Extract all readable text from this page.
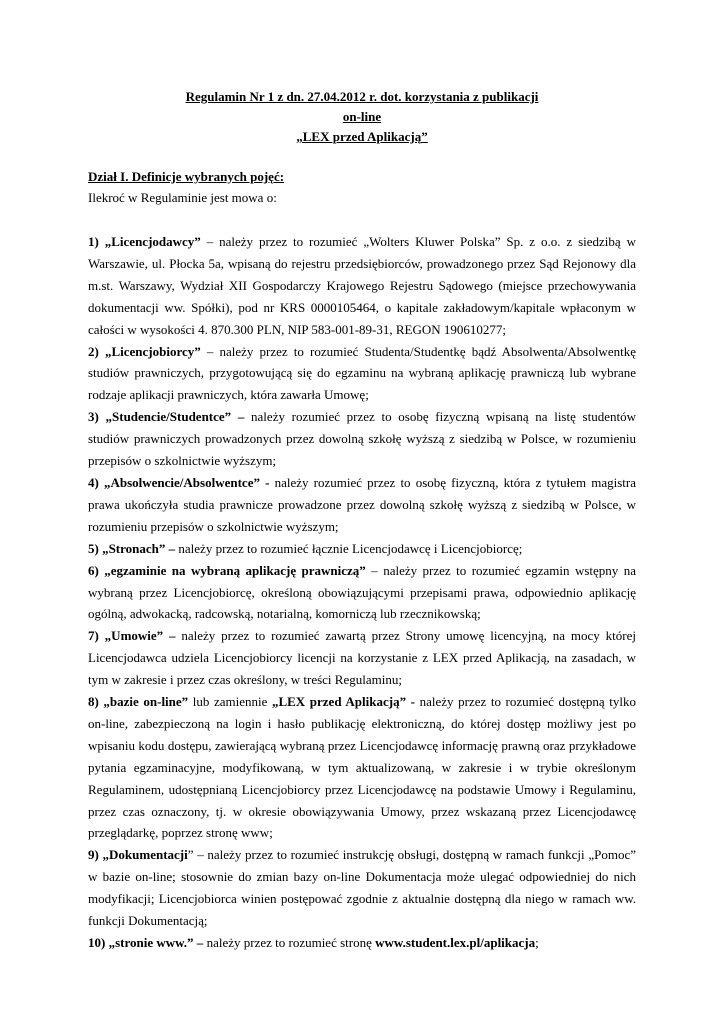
Regulamin Nr 1 z dn. 27.04.2012 r. dot. korzystania z publikacji
on-line
„LEX przed Aplikacją”
Dział I. Definicje wybranych pojęć:
Ilekroć w Regulaminie jest mowa o:

1) „Licencjodawcy” – należy przez to rozumieć „Wolters Kluwer Polska” Sp. z o.o. z siedzibą w Warszawie, ul. Płocka 5a, wpisaną do rejestru przedsiębiorców, prowadzonego przez Sąd Rejonowy dla m.st. Warszawy, Wydział XII Gospodarczy Krajowego Rejestru Sądowego (miejsce przechowywania dokumentacji ww. Spółki), pod nr KRS 0000105464, o kapitale zakładowym/kapitale wpłaconym w całości w wysokości 4. 870.300 PLN, NIP 583-001-89-31, REGON 190610277;

2) „Licencjobiorcy” – należy przez to rozumieć Studenta/Studentkę bądź Absolwenta/Absolwentkę studiów prawniczych, przygotowującą się do egzaminu na wybraną aplikację prawniczą lub wybrane rodzaje aplikacji prawniczych, która zawarła Umowę;

3) „Studencie/Studentce” – należy rozumieć przez to osobę fizyczną wpisaną na listę studentów studiów prawniczych prowadzonych przez dowolną szkołę wyższą z siedzibą w Polsce, w rozumieniu przepisów o szkolnictwie wyższym;

4) „Absolwencie/Absolwentce” - należy rozumieć przez to osobę fizyczną, która z tytułem magistra prawa ukończyła studia prawnicze prowadzone przez dowolną szkołę wyższą z siedzibą w Polsce, w rozumieniu przepisów o szkolnictwie wyższym;

5) „Stronach” – należy przez to rozumieć łącznie Licencjodawcę i Licencjobiorcę;

6) „egzaminie na wybraną aplikację prawniczą” – należy przez to rozumieć egzamin wstępny na wybraną przez Licencjobiorcę, określoną obowiązującymi przepisami prawa, odpowiednio aplikację ogólną, adwokacką, radcowską, notarialną, komorniczą lub rzecznikowską;

7) „Umowie” – należy przez to rozumieć zawartą przez Strony umowę licencyjną, na mocy której Licencjodawca udziela Licencjobiorcy licencji na korzystanie z LEX przed Aplikacją, na zasadach, w tym w zakresie i przez czas określony, w treści Regulaminu;

8) „bazie on-line” lub zamiennie „LEX przed Aplikacją” - należy przez to rozumieć dostępną tylko on-line, zabezpieczoną na login i hasło publikację elektroniczną, do której dostęp możliwy jest po wpisaniu kodu dostępu, zawierającą wybraną przez Licencjodawcę informację prawną oraz przykładowe pytania egzaminacyjne, modyfikowaną, w tym aktualizowaną, w zakresie i w trybie określonym Regulaminem, udostępnianą Licencjobiorcy przez Licencjodawcę na podstawie Umowy i Regulaminu, przez czas oznaczony, tj. w okresie obowiązywania Umowy, przez wskazaną przez Licencjodawcę przeglądarkę, poprzez stronę www;

9) „Dokumentacji” – należy przez to rozumieć instrukcję obsługi, dostępną w ramach funkcji „Pomoc” w bazie on-line; stosownie do zmian bazy on-line Dokumentacja może ulegać odpowiedniej do nich modyfikacji; Licencjobiorca winien postępować zgodnie z aktualnie dostępną dla niego w ramach ww. funkcji Dokumentacją;

10) „stronie www.” – należy przez to rozumieć stronę www.student.lex.pl/aplikacja;
